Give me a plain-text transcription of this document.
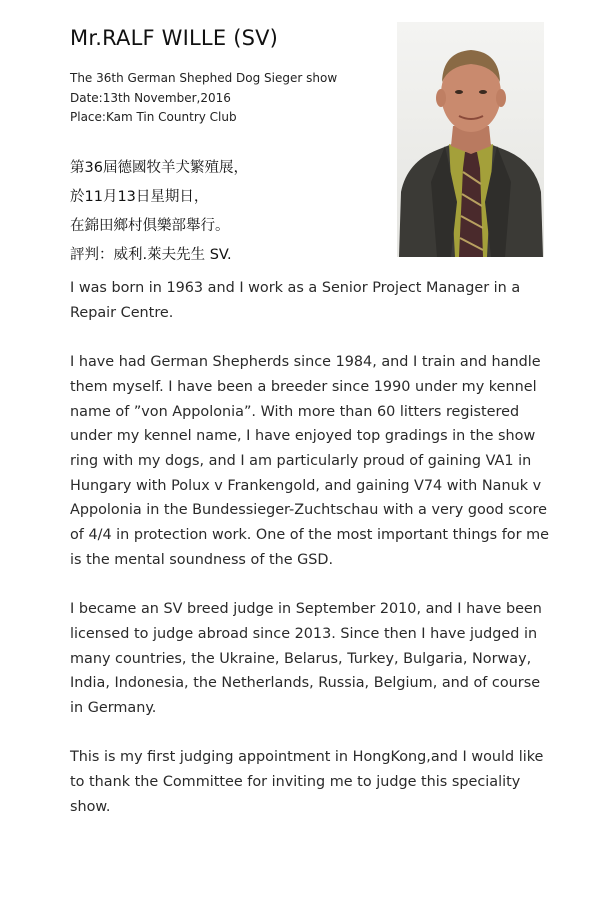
Mr.RALF WILLE (SV)
The 36th German Shephed Dog Sieger show
Date:13th November,2016
Place:Kam Tin Country Club
第36屆德國牧羊犬繁殖展，
於11月13日星期日，
在錦田鄉村俱樂部舉行。
評判：威利.萊夫先生 SV.

I was born in 1963 and I work as a Senior Project Manager in a Repair Centre.

I have had German Shepherds since 1984, and I train and handle them myself. I have been a breeder since 1990 under my kennel name of ”von Appolonia”. With more than 60 litters registered under my kennel name, I have enjoyed top gradings in the show ring with my dogs, and I am particularly proud of gaining VA1 in Hungary with Polux v Frankengold, and gaining V74 with Nanuk v Appolonia in the Bundessieger-Zuchtschau with a very good score of 4/4 in protection work. One of the most important things for me is the mental soundness of the GSD.

I became an SV breed judge in September 2010, and I have been licensed to judge abroad since 2013. Since then I have judged in many countries, the Ukraine, Belarus, Turkey, Bulgaria, Norway, India, Indonesia, the Netherlands, Russia, Belgium, and of course in Germany.

This is my first judging appointment in HongKong,and I would like to thank the Committee for inviting me to judge this speciality show.
